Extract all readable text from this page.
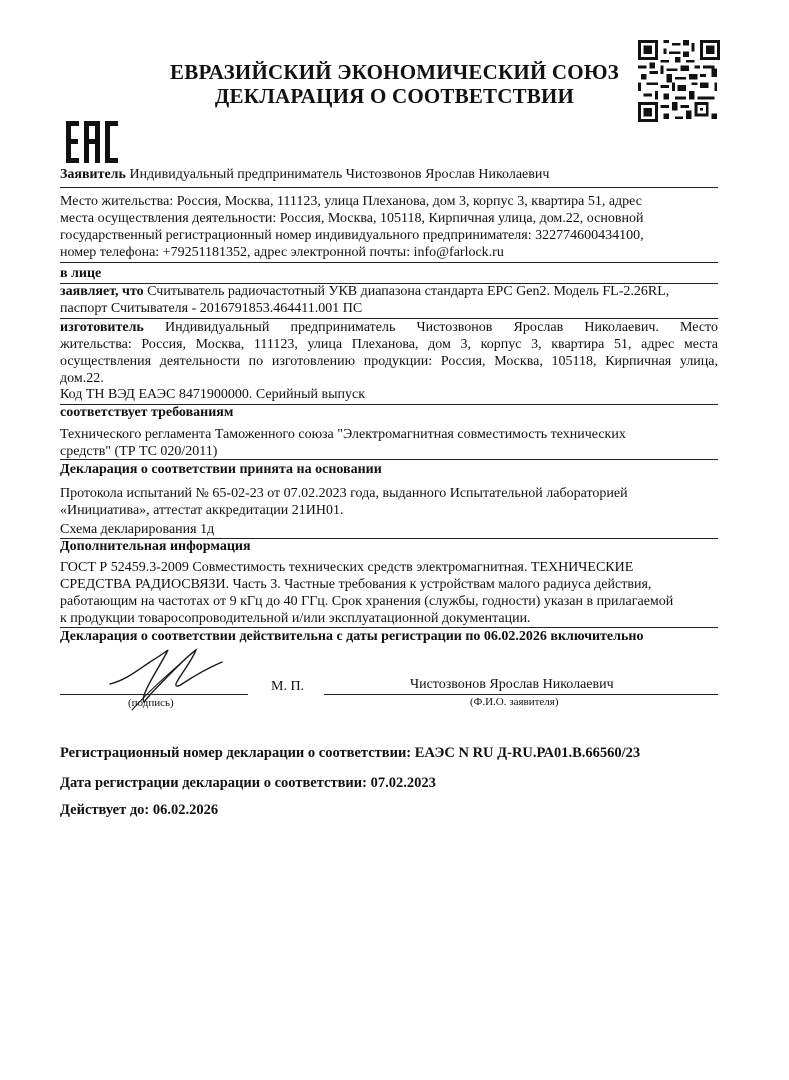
ЕВРАЗИЙСКИЙ ЭКОНОМИЧЕСКИЙ СОЮЗ
ДЕКЛАРАЦИЯ О СООТВЕТСТВИИ
Заявитель Индивидуальный предприниматель Чистозвонов Ярослав Николаевич
Место жительства: Россия, Москва, 111123, улица Плеханова, дом 3, корпус 3, квартира 51, адрес
места осуществления деятельности: Россия, Москва, 105118, Кирпичная улица, дом.22, основной
государственный регистрационный номер индивидуального предпринимателя: 322774600434100,
номер телефона: +79251181352, адрес электронной почты: info@farlock.ru
в лице
заявляет, что Считыватель радиочастотный УКВ диапазона стандарта EPC Gen2. Модель FL-2.26RL,
паспорт Считывателя - 2016791853.464411.001 ПС
изготовитель Индивидуальный предприниматель Чистозвонов Ярослав Николаевич. Место
жительства: Россия, Москва, 111123, улица Плеханова, дом 3, корпус 3, квартира 51, адрес места
осуществления деятельности по изготовлению продукции: Россия, Москва, 105118, Кирпичная улица,
дом.22.
Код ТН ВЭД ЕАЭС 8471900000. Серийный выпуск
соответствует требованиям
Технического регламента Таможенного союза "Электромагнитная совместимость технических
средств" (ТР ТС 020/2011)
Декларация о соответствии принята на основании
Протокола испытаний № 65-02-23 от 07.02.2023 года, выданного Испытательной лабораторией
«Инициатива», аттестат аккредитации 21ИН01.
Схема декларирования 1д
Дополнительная информация
ГОСТ Р 52459.3-2009 Совместимость технических средств электромагнитная. ТЕХНИЧЕСКИЕ
СРЕДСТВА РАДИОСВЯЗИ. Часть 3. Частные требования к устройствам малого радиуса действия,
работающим на частотах от 9 кГц до 40 ГГц. Срок хранения (службы, годности) указан в прилагаемой
к продукции товаросопроводительной и/или эксплуатационной документации.
Декларация о соответствии действительна с даты регистрации по 06.02.2026 включительно
(подпись)
М. П.	Чистозвонов Ярослав Николаевич
(Ф.И.О. заявителя)
Регистрационный номер декларации о соответствии: ЕАЭС N RU Д-RU.РА01.В.66560/23
Дата регистрации декларации о соответствии: 07.02.2023
Действует до: 06.02.2026
